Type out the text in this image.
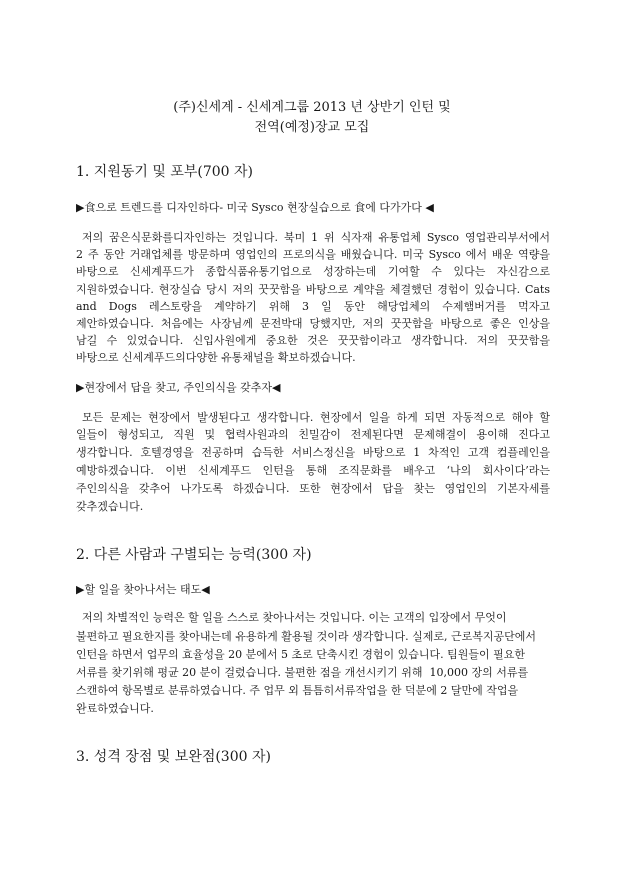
(주)신세계 - 신세계그룹 2013 년 상반기 인턴 및
전역(예정)장교 모집
1. 지원동기 및 포부(700 자)
▶食으로 트렌드를 디자인하다- 미국 Sysco 현장실습으로 食에 다가가다 ◀
저의 꿈은식문화를디자인하는 것입니다. 북미 1 위 식자재 유통업체 Sysco 영업관리부서에서
2 주 동안 거래업체를 방문하며 영업인의 프로의식을 배웠습니다. 미국 Sysco 에서 배운 역량을
바탕으로 신세계푸드가 종합식품유통기업으로 성장하는데 기여할 수 있다는 자신감으로
지원하였습니다. 현장실습 당시 저의 꿋꿋함을 바탕으로 계약을 체결했던 경험이 있습니다. Cats
and Dogs 레스토랑을 계약하기 위해 3 일 동안 해당업체의 수제햄버거를 먹자고
제안하였습니다. 처음에는 사장님께 문전박대 당했지만, 저의 꿋꿋함을 바탕으로 좋은 인상을
남길 수 있었습니다. 신입사원에게 중요한 것은 꿋꿋함이라고 생각합니다. 저의 꿋꿋함을
바탕으로 신세계푸드의다양한 유통채널을 확보하겠습니다.
▶현장에서 답을 찾고, 주인의식을 갖추자◀
모든 문제는 현장에서 발생된다고 생각합니다. 현장에서 일을 하게 되면 자동적으로 해야 할
일들이 형성되고, 직원 및 협력사원과의 친밀감이 전제된다면 문제해결이 용이해 진다고
생각합니다. 호텔경영을 전공하며 습득한 서비스정신을 바탕으로 1 차적인 고객 컴플레인을
예방하겠습니다. 이번 신세계푸드 인턴을 통해 조직문화를 배우고 ‘나의 회사이다’라는
주인의식을 갖추어 나가도록 하겠습니다. 또한 현장에서 답을 찾는 영업인의 기본자세를
갖추겠습니다.
2. 다른 사람과 구별되는 능력(300 자)
▶할 일을 찾아나서는 태도◀
저의 차별적인 능력은 할 일을 스스로 찾아나서는 것입니다. 이는 고객의 입장에서 무엇이
불편하고 필요한지를 찾아내는데 유용하게 활용될 것이라 생각합니다. 실제로, 근로복지공단에서
인턴을 하면서 업무의 효율성을 20 분에서 5 초로 단축시킨 경험이 있습니다. 팀원들이 필요한
서류를 찾기위해 평균 20 분이 걸렸습니다. 불편한 점을 개선시키기 위해  10,000 장의 서류를
스캔하여 항목별로 분류하였습니다. 주 업무 외 틈틈히서류작업을 한 덕분에 2 달만에 작업을
완료하였습니다.
3. 성격 장점 및 보완점(300 자)
